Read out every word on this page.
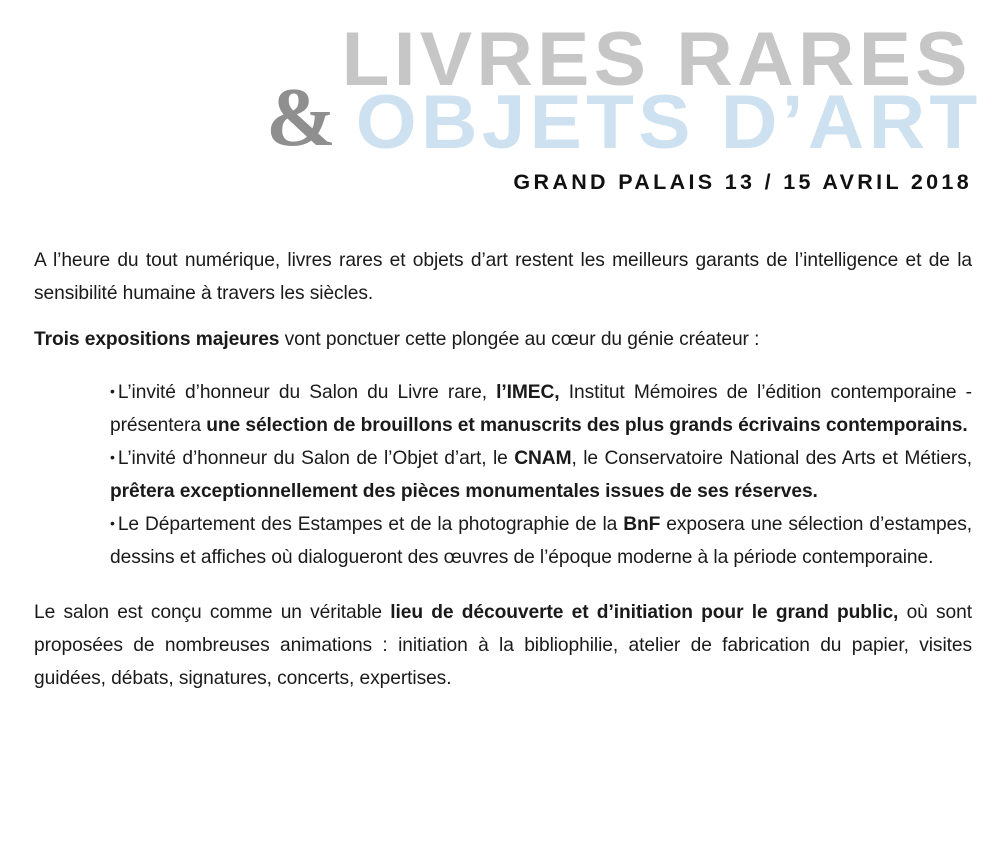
LIVRES RARES
& OBJETS D’ART
GRAND PALAIS 13 / 15 AVRIL 2018

A l’heure du tout numérique, livres rares et objets d’art restent les meilleurs garants de l’intelligence et de la sensibilité humaine à travers les siècles.

Trois expositions majeures vont ponctuer cette plongée au cœur du génie créateur :

• L’invité d’honneur du Salon du Livre rare, l’IMEC, Institut Mémoires de l’édition contemporaine - présentera une sélection de brouillons et manuscrits des plus grands écrivains contemporains.

• L’invité d’honneur du Salon de l’Objet d’art, le CNAM, le Conservatoire National des Arts et Métiers, prêtera exceptionnellement des pièces monumentales issues de ses réserves.

• Le Département des Estampes et de la photographie de la BnF exposera une sélection d’estampes, dessins et affiches où dialogueront des œuvres de l’époque moderne à la période contemporaine.

Le salon est conçu comme un véritable lieu de découverte et d’initiation pour le grand public, où sont proposées de nombreuses animations : initiation à la bibliophilie, atelier de fabrication du papier, visites guidées, débats, signatures, concerts, expertises.
